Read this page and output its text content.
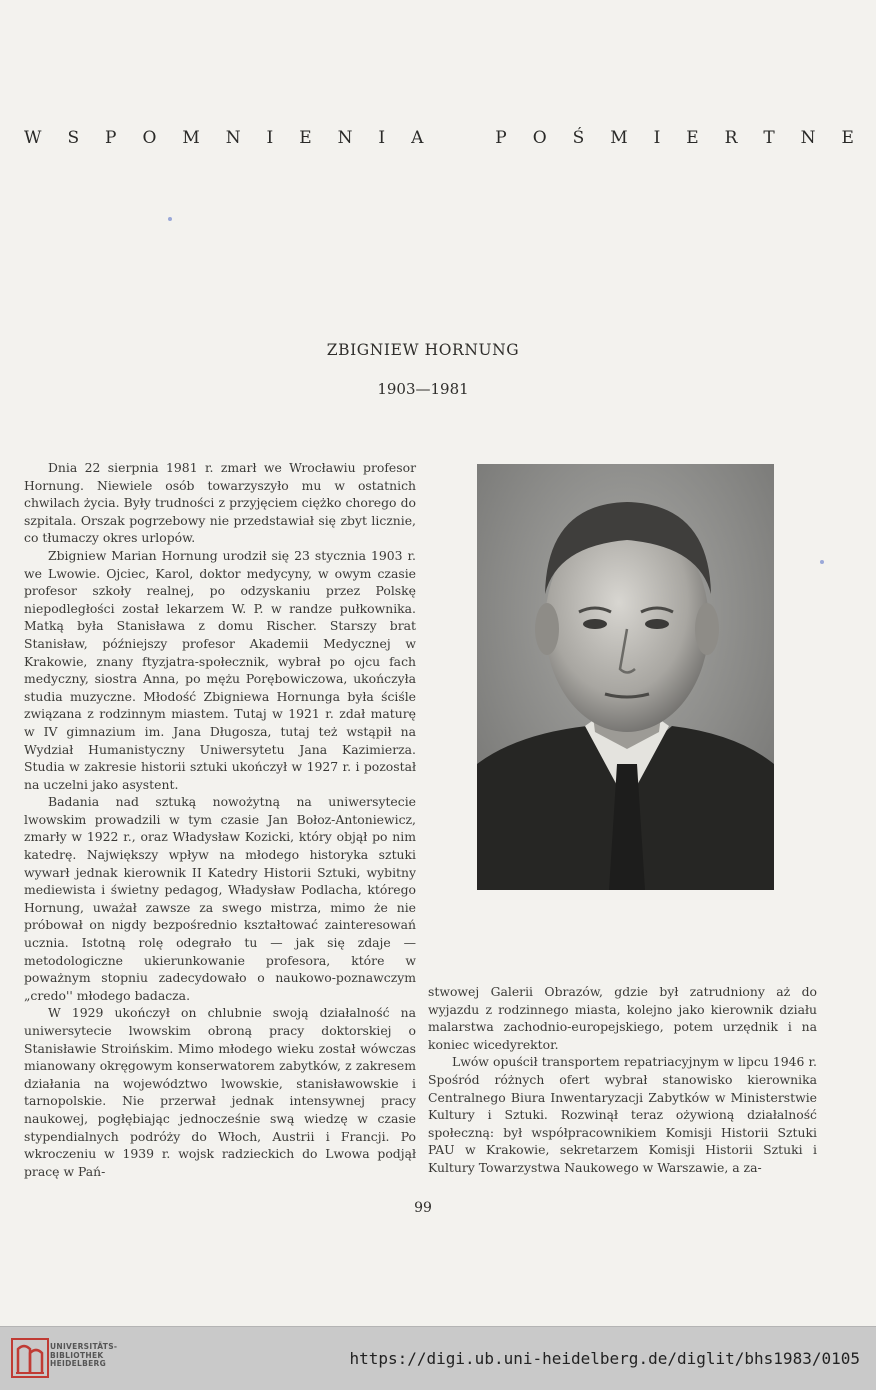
W S P O M N I E N I A	P O Ś M I E R T N E
ZBIGNIEW HORNUNG
1903—1981

Dnia 22 sierpnia 1981 r. zmarł we Wrocławiu profesor Hornung. Niewiele osób towarzyszyło mu w ostatnich chwilach życia. Były trudności z przyjęciem ciężko chorego do szpitala. Orszak pogrzebowy nie przedstawiał się zbyt licznie, co tłumaczy okres urlopów.

Zbigniew Marian Hornung urodził się 23 stycznia 1903 r. we Lwowie. Ojciec, Karol, doktor medycyny, w owym czasie profesor szkoły realnej, po odzyskaniu przez Polskę niepodległości został lekarzem W. P. w randze pułkownika. Matką była Stanisława z domu Rischer. Starszy brat Stanisław, późniejszy profesor Akademii Medycznej w Krakowie, znany ftyzjatra-społecznik, wybrał po ojcu fach medyczny, siostra Anna, po mężu Porębowiczowa, ukończyła studia muzyczne. Młodość Zbigniewa Hornunga była ściśle związana z rodzinnym miastem. Tutaj w 1921 r. zdał maturę w IV gimnazium im. Jana Długosza, tutaj też wstąpił na Wydział Humanistyczny Uniwersytetu Jana Kazimierza. Studia w zakresie historii sztuki ukończył w 1927 r. i pozostał na uczelni jako asystent.

Badania nad sztuką nowożytną na uniwersytecie lwowskim prowadzili w tym czasie Jan Bołoz-Antoniewicz, zmarły w 1922 r., oraz Władysław Kozicki, który objął po nim katedrę. Największy wpływ na młodego historyka sztuki wywarł jednak kierownik II Katedry Historii Sztuki, wybitny mediewista i świetny pedagog, Władysław Podlacha, którego Hornung, uważał zawsze za swego mistrza, mimo że nie próbował on nigdy bezpośrednio kształtować zainteresowań ucznia. Istotną rolę odegrało tu — jak się zdaje — metodologiczne ukierunkowanie profesora, które w poważnym stopniu zadecydowało o naukowo-poznawczym „credo'' młodego badacza.

W 1929 ukończył on chlubnie swoją działalność na uniwersytecie lwowskim obroną pracy doktorskiej o Stanisławie Stroińskim. Mimo młodego wieku został wówczas mianowany okręgowym konserwatorem zabytków, z zakresem działania na województwo lwowskie, stanisławowskie i tarnopolskie. Nie przerwał jednak intensywnej pracy naukowej, pogłębiając jednocześnie swą wiedzę w czasie stypendialnych podróży do Włoch, Austrii i Francji. Po wkroczeniu w 1939 r. wojsk radzieckich do Lwowa podjął pracę w Pań-

stwowej Galerii Obrazów, gdzie był zatrudniony aż do wyjazdu z rodzinnego miasta, kolejno jako kierownik działu malarstwa zachodnio-europejskiego, potem urzędnik i na koniec wicedyrektor.

Lwów opuścił transportem repatriacyjnym w lipcu 1946 r. Spośród różnych ofert wybrał stanowisko kierownika Centralnego Biura Inwentaryzacji Zabytków w Ministerstwie Kultury i Sztuki. Rozwinął teraz ożywioną działalność społeczną: był współpracownikiem Komisji Historii Sztuki PAU w Krakowie, sekretarzem Komisji Historii Sztuki i Kultury Towarzystwa Naukowego w Warszawie, a za-

99
UNIVERSITÄTS-
BIBLIOTHEK
HEIDELBERG	https://digi.ub.uni-heidelberg.de/diglit/bhs1983/0105
